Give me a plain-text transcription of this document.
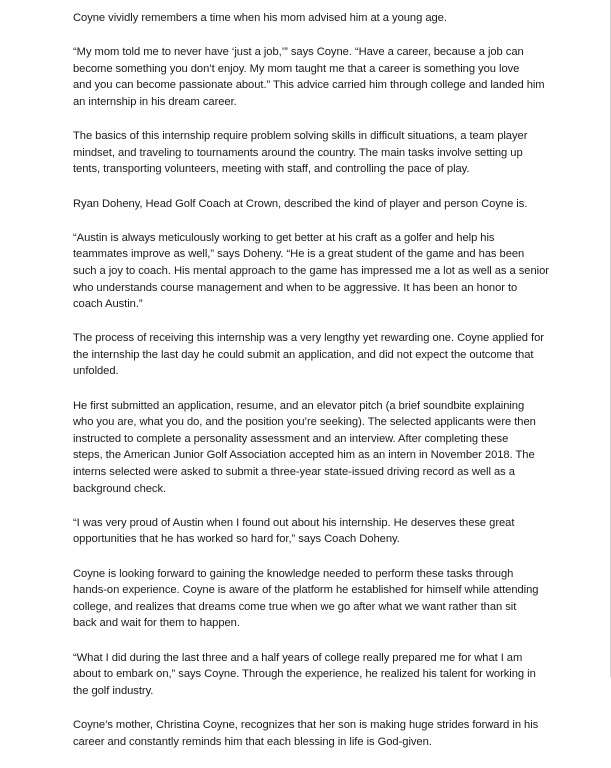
Coyne vividly remembers a time when his mom advised him at a young age.

“My mom told me to never have ‘just a job,’” says Coyne. “Have a career, because a job can
become something you don’t enjoy. My mom taught me that a career is something you love
and you can become passionate about.” This advice carried him through college and landed him
an internship in his dream career.

The basics of this internship require problem solving skills in difficult situations, a team player
mindset, and traveling to tournaments around the country. The main tasks involve setting up
tents, transporting volunteers, meeting with staff, and controlling the pace of play.

Ryan Doheny, Head Golf Coach at Crown, described the kind of player and person Coyne is.

“Austin is always meticulously working to get better at his craft as a golfer and help his
teammates improve as well,” says Doheny. “He is a great student of the game and has been
such a joy to coach. His mental approach to the game has impressed me a lot as well as a senior
who understands course management and when to be aggressive. It has been an honor to
coach Austin.”

The process of receiving this internship was a very lengthy yet rewarding one. Coyne applied for
the internship the last day he could submit an application, and did not expect the outcome that
unfolded.

He first submitted an application, resume, and an elevator pitch (a brief soundbite explaining
who you are, what you do, and the position you’re seeking). The selected applicants were then
instructed to complete a personality assessment and an interview. After completing these
steps, the American Junior Golf Association accepted him as an intern in November 2018. The
interns selected were asked to submit a three-year state-issued driving record as well as a
background check.

“I was very proud of Austin when I found out about his internship. He deserves these great
opportunities that he has worked so hard for,” says Coach Doheny.

Coyne is looking forward to gaining the knowledge needed to perform these tasks through
hands-on experience. Coyne is aware of the platform he established for himself while attending
college, and realizes that dreams come true when we go after what we want rather than sit
back and wait for them to happen.

“What I did during the last three and a half years of college really prepared me for what I am
about to embark on,” says Coyne. Through the experience, he realized his talent for working in
the golf industry.

Coyne’s mother, Christina Coyne, recognizes that her son is making huge strides forward in his
career and constantly reminds him that each blessing in life is God-given.
